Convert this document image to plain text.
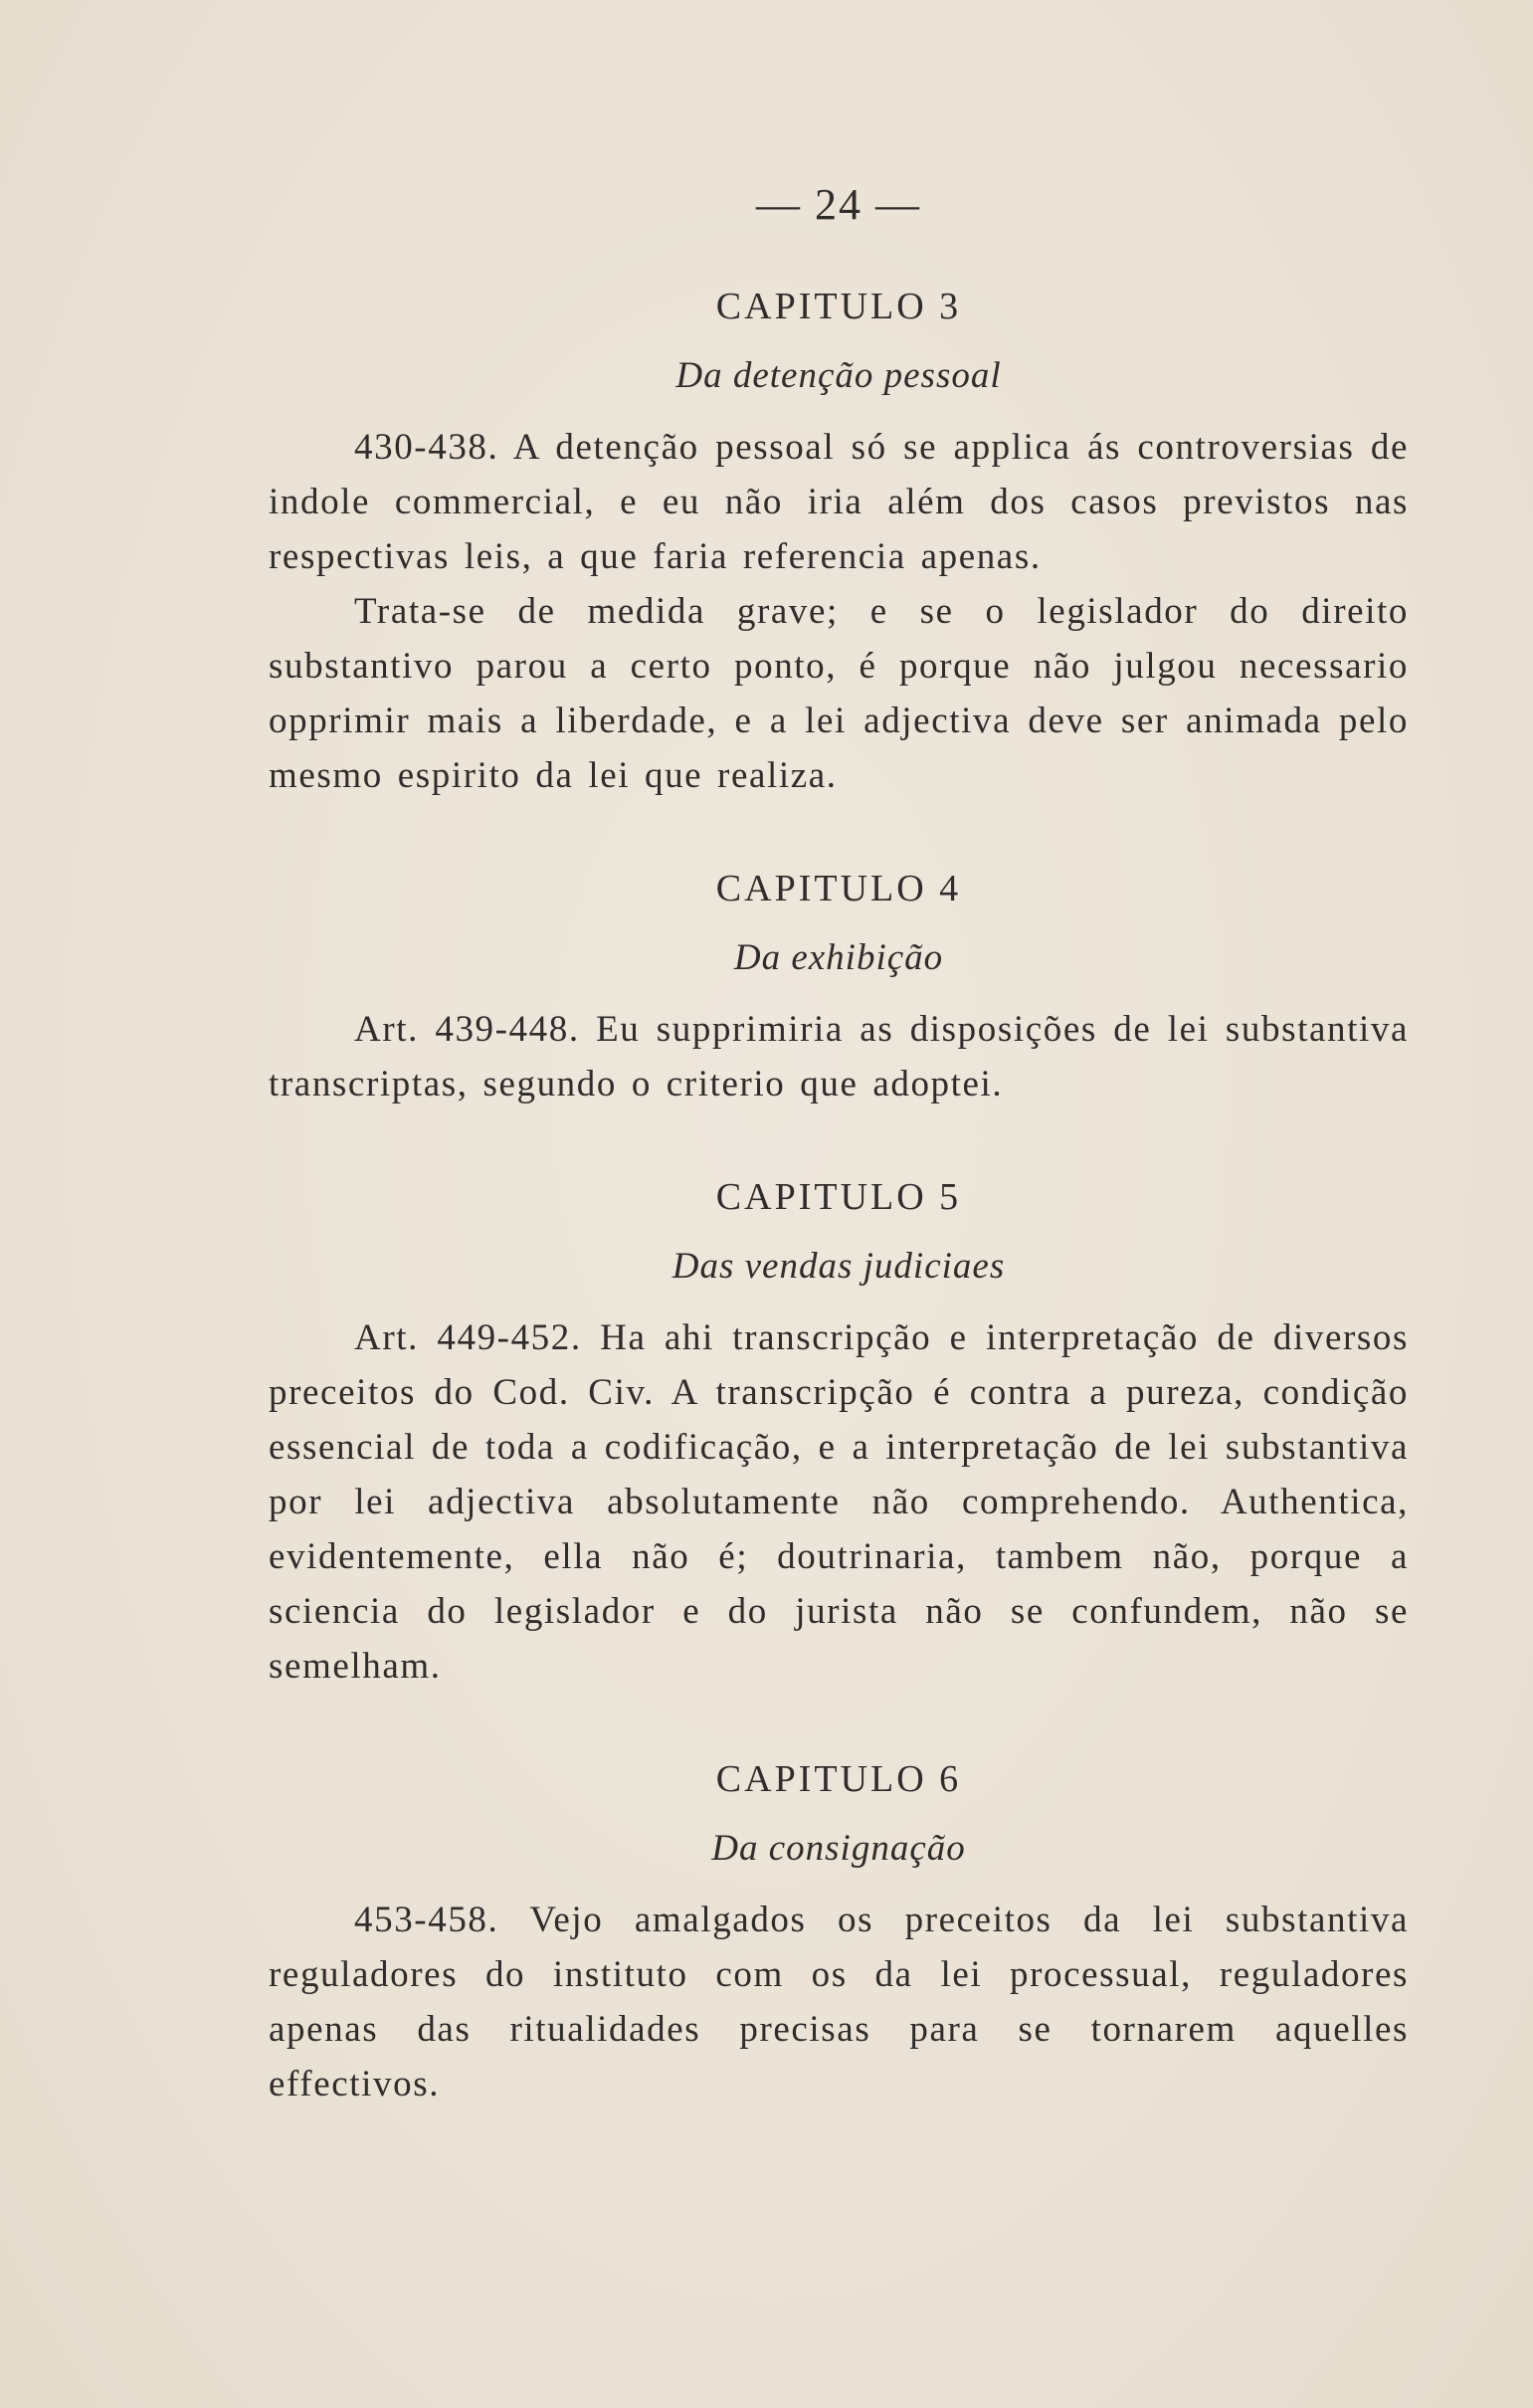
— 24 —
CAPITULO 3
Da detenção pessoal

430-438. A detenção pessoal só se applica ás controversias de indole commercial, e eu não iria além dos casos previstos nas respectivas leis, a que faria referencia apenas.

Trata-se de medida grave; e se o legislador do direito substantivo parou a certo ponto, é porque não julgou necessario opprimir mais a liberdade, e a lei adjectiva deve ser animada pelo mesmo espirito da lei que realiza.

CAPITULO 4
Da exhibição

Art. 439-448. Eu supprimiria as disposições de lei substantiva transcriptas, segundo o criterio que adoptei.

CAPITULO 5
Das vendas judiciaes

Art. 449-452. Ha ahi transcripção e interpretação de diversos preceitos do Cod. Civ. A transcripção é contra a pureza, condição essencial de toda a codificação, e a interpretação de lei substantiva por lei adjectiva absolutamente não comprehendo. Authentica, evidentemente, ella não é; doutrinaria, tambem não, porque a sciencia do legislador e do jurista não se confundem, não se semelham.

CAPITULO 6
Da consignação

453-458. Vejo amalgados os preceitos da lei substantiva reguladores do instituto com os da lei processual, reguladores apenas das ritualidades precisas para se tornarem aquelles effectivos.
